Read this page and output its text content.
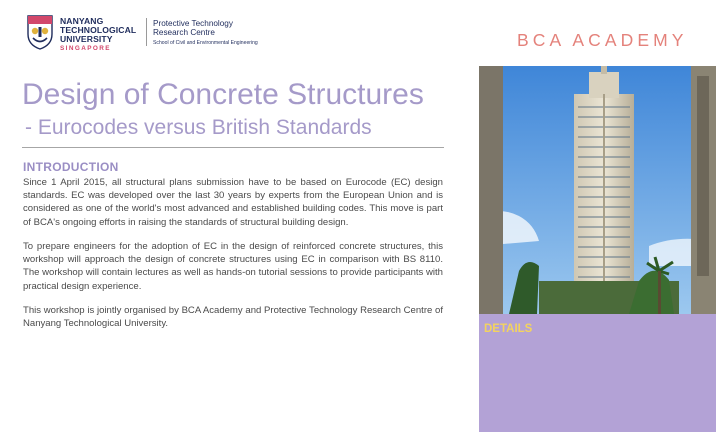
NANYANG
TECHNOLOGICAL
UNIVERSITY
SINGAPORE
Protective Technology
Research Centre
School of Civil and Environmental Engineering	BCA ACADEMY
Design of Concrete Structures
- Eurocodes versus British Standards
INTRODUCTION

Since 1 April 2015, all structural plans submission have to be based on Eurocode (EC) design standards. EC was developed over the last 30 years by experts from the European Union and is considered as one of the world's most advanced and established building codes. This move is part of BCA's ongoing efforts in raising the standards of structural building design.

To prepare engineers for the adoption of EC in the design of reinforced concrete structures, this workshop will approach the design of concrete structures using EC in comparison with BS 8110. The workshop will contain lectures as well as hands-on tutorial sessions to provide participants with practical design experience.

This workshop is jointly organised by BCA Academy and Protective Technology Research Centre of Nanyang Technological University.	DETAILS
22nd Run:	30 Sep & 1 Oct 2019
Duration:	2 days
Time:	9.00am to 5.30pm
Venue:	BCA Academy
Fee (incl of GST): S$690.00
Refreshments will be provided.
